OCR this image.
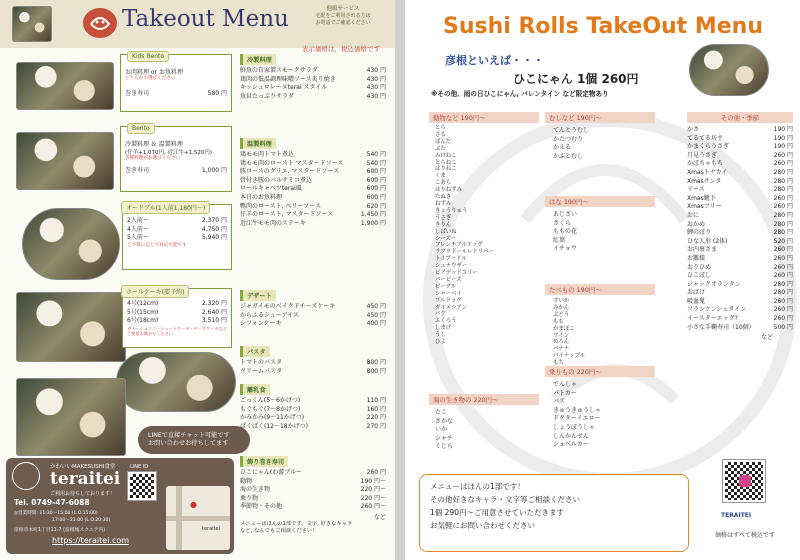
Takeout Menu	他販サービス
宅配をご利用される方は
お電話でご確認ください
表示価格は，税込価格です
Kids Bento
お肉料理 or お魚料理
どちらかお選びください
巻き寿司	580 円
Bento
冷製料理 ＆ 温製料理
(仔羊+1,070円, 近江牛+1,520円)
各種料理がお選びください
巻き寿司	1,000 円
オードブル(1人前1,180円〜)
2人前〜	2,370 円
4人前〜	4,750 円
5人前〜	5,940 円
ご予算に応じて対応可能です
ホールケーキ(要予約)
4号(12cm)	2,320 円
5号(15cm)	2,640 円
6号(18cm)	3,510 円
ガトーショコラ・ショートケーキ・チーズケーキなど ご要望お聞かせください
LINEで直接チャット可能です
お問い合わせお待ちしてます
かわいいMAKESUSHI食堂
teraitei
ご利用お待ちしております！
Tel. 0749-47-6088
◎営業時間: 11:30〜15:00 (L.O.15:00)
17:00〜21:00 (L.O.20:30)
彦根市本町1丁目11-7 (彦根城スクエア内)
https://teraitei.com
LINE ID
●
teraitei
冷製料理
鮮魚の自家製スモークサラダ	430 円
鶏肉の低温調理味噌ソース炙り焼き	430 円
キッシュロレーヌterai スタイル	430 円
魚貝たっぷりサラダ	430 円
温製料理
鶏モモ肉トマト煮込	540 円
鶏モモ肉のロースト マスタードソース	540 円
豚ロースのグリエ, マスタードソース	600 円
骨付き豚のバルサミコ煮込	600 円
ロールキャベツterai風	600 円
本日のお魚料理	600 円
鴨肉のロースト, ベリーソース	620 円
仔羊のロースト, マスタードソース	1,450 円
近江牛モモ肉のステーキ	1,900 円
デザート
ジャガイモのベイクドチーズケーキ	450 円
からふるシューアイス	450 円
シフォンケーキ	400 円
パスタ
トマトのパスタ	800 円
クリームパスタ	800 円
離乳食
ごっくん(5〜6かげつ)	110 円
もぐもぐ(7〜8かげつ)	160 円
かみかみ(9〜11かげつ)	220 円
ぱくぱく(12〜18かげつ)	270 円
飾り巻き寿司
ひこにゃん(わ游ブルー	260 円
動物	190 円〜
海の生き物	220 円〜
乗り物	220 円〜
季節物・その他	260 円〜
など
メニューはほんの1部です。文字, 好きなキャラ
など, なんでもご相談ください！
Sushi Rolls TakeOut Menu
彦根といえば・・・
ひこにゃん 1個 260円
※その他、雨の日ひこにゃん, バレンタイン など限定物あり
動物など 190円〜
とら
さる
ぱんだ
ぶた
みけねこ
とらねこ
はりねこ
くま
こあら
はりねずみ
たぬき
ねずみ
きょうりゅう
うさぎ
きりん
しばいぬ
シーズー
フレンチブルドッグ
ラブラドールレトリバー
トイプードル
シュナウザー
ビアデッドコリー
パーピーズ
ビーグル
シャーベイ
ブルドッグ
ダルメシアン
パグ
ふくろう
しまけ
うし
ひよ
海の生き物の 220円〜
たこ
さかな
いか
シャチ
くじら
むしなど 190円〜
てんとうむし
かたつむり
かえる
かぶとむし
はな 190円〜
あじさい
さくら
ももの花
紅葉
イチョウ
たべもの 190円〜
すいか
みかん
ぶどう
もも
かまぼこ
ワイン
めろん
バナナ
パイナップル
もち
乗りもの 220円〜
でんしゃ
パトカー
バス
きゅうきゅうしゃ
ドクターイエロー
しょうぼうしゃ
しんかんせん
ショベルカー
その他・季節
かさ	190 円
てるてる坊主	190 円
かまくらうさぎ	190 円
月見うさぎ	260 円
かぼちゃもち	260 円
Xmasトナカイ	280 円
Xmasサンタ	280 円
リース	280 円
Xmas靴下	260 円
Xmasツリー	260 円
おに	280 円
おかめ	280 円
鯉のぼり	280 円
ひな人形 (2体)	520 円
お内裏さま	260 円
お雛様	260 円
おりひめ	260 円
ひこぼし	260 円
ジャックオランタン	280 円
おばけ	280 円
吸血鬼	260 円
フランケンシュタイン	260 円
イースターエッグ?	260 円
小さな手鞠寿司（10個）	500 円
など
メニューはほんの1部です！
その他好きなキャラ・文字等ご相談ください
1個 290円〜ご用意させていただきます
お気軽にお問い合わせください
TERAITEI
価格はすべて税込です
